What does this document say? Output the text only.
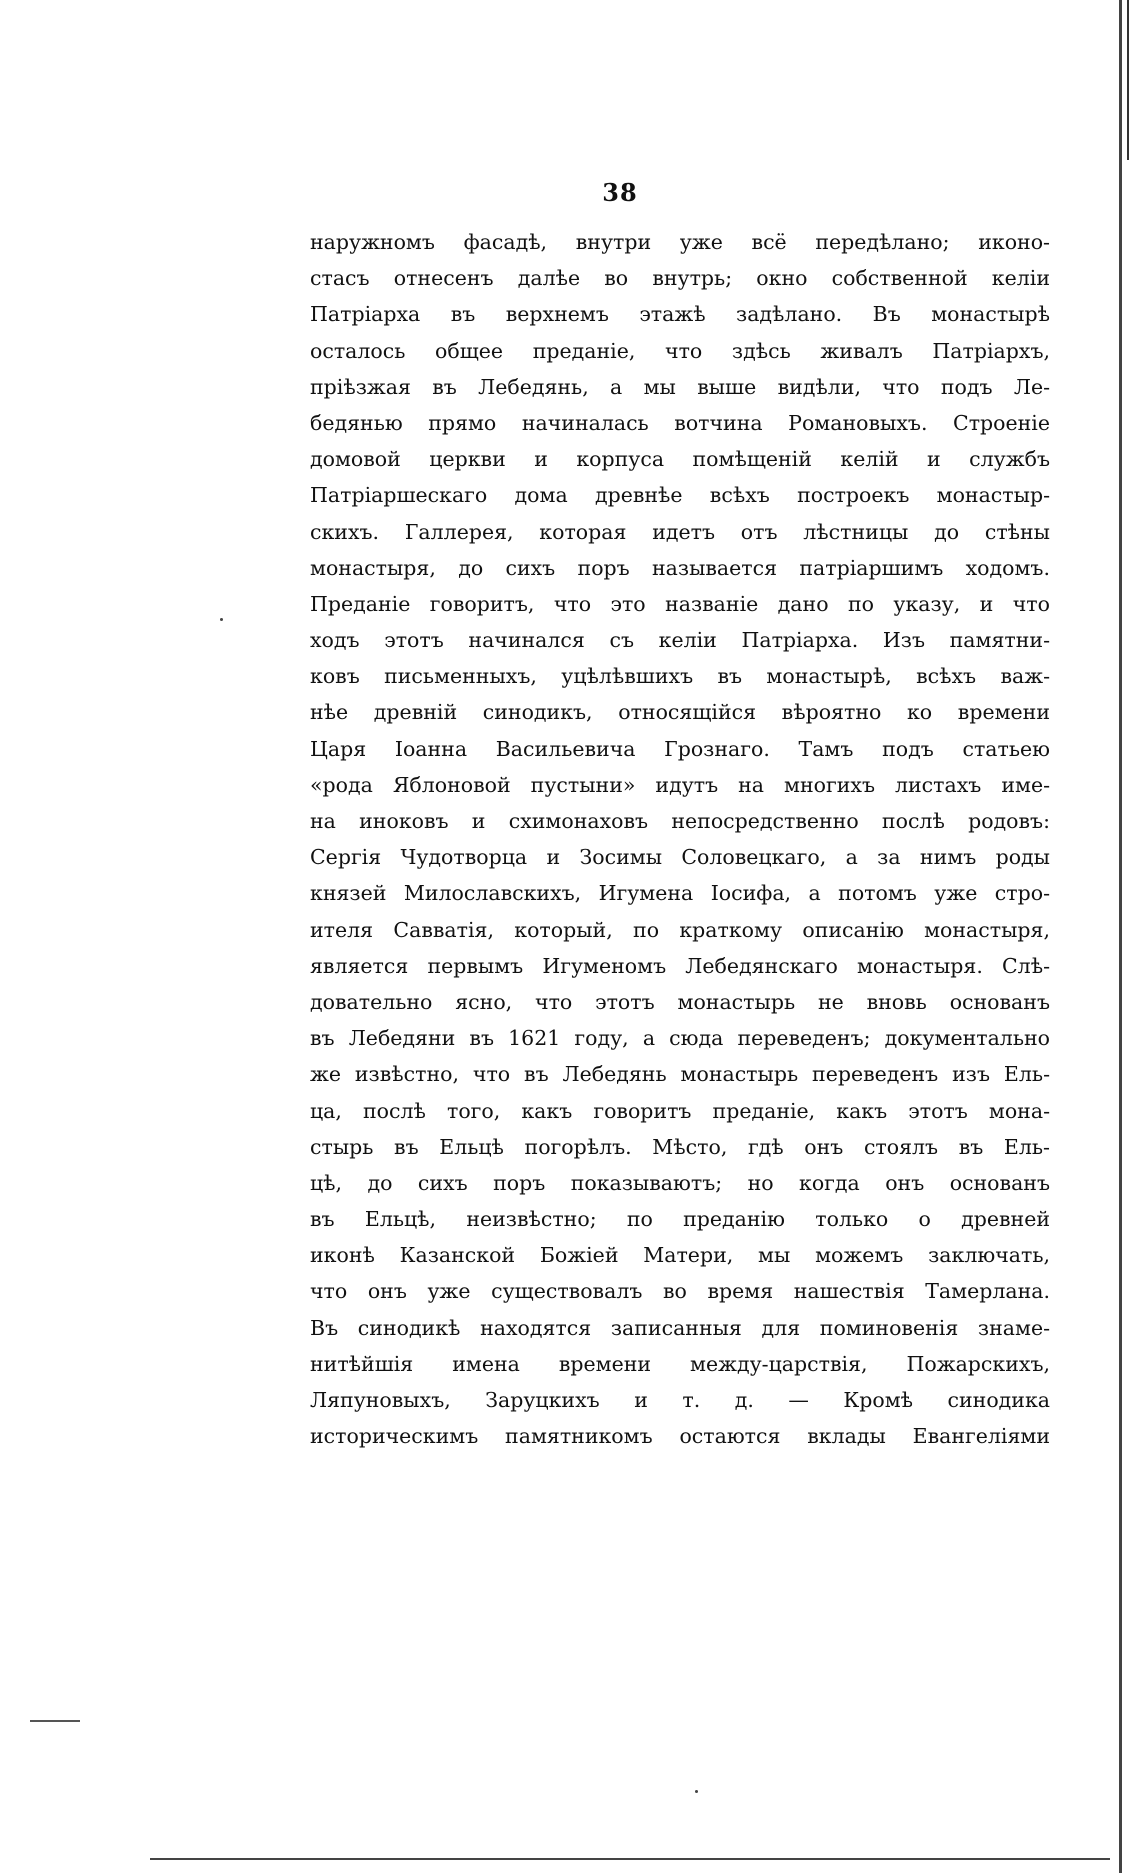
38
наружномъ фасадѣ, внутри уже всё передѣлано; иконо-
стасъ отнесенъ далѣе во внутрь; окно собственной келіи
Патріарха въ верхнемъ этажѣ задѣлано. Въ монастырѣ
осталось общее преданіе, что здѣсь живалъ Патріархъ,
пріѣзжая въ Лебедянь, а мы выше видѣли, что подъ Ле-
бедянью прямо начиналась вотчина Романовыхъ. Строеніе
домовой церкви и корпуса помѣщеній келій и службъ
Патріаршескаго дома древнѣе всѣхъ построекъ монастыр-
скихъ. Галлерея, которая идетъ отъ лѣстницы до стѣны
монастыря, до сихъ поръ называется патріаршимъ ходомъ.
Преданіе говоритъ, что это названіе дано по указу, и что
ходъ этотъ начинался съ келіи Патріарха. Изъ памятни-
ковъ письменныхъ, уцѣлѣвшихъ въ монастырѣ, всѣхъ важ-
нѣе древній синодикъ, относящійся вѣроятно ко времени
Царя Іоанна Васильевича Грознаго. Тамъ подъ статьею
«рода Яблоновой пустыни» идутъ на многихъ листахъ име-
на иноковъ и схимонаховъ непосредственно послѣ родовъ:
Сергія Чудотворца и Зосимы Соловецкаго, а за нимъ роды
князей Милославскихъ, Игумена Іосифа, а потомъ уже стро-
ителя Савватія, который, по краткому описанію монастыря,
является первымъ Игуменомъ Лебедянскаго монастыря. Слѣ-
довательно ясно, что этотъ монастырь не вновь основанъ
въ Лебедяни въ 1621 году, а сюда переведенъ; документально
же извѣстно, что въ Лебедянь монастырь переведенъ изъ Ель-
ца, послѣ того, какъ говоритъ преданіе, какъ этотъ мона-
стырь въ Ельцѣ погорѣлъ. Мѣсто, гдѣ онъ стоялъ въ Ель-
цѣ, до сихъ поръ показываютъ; но когда онъ основанъ
въ Ельцѣ, неизвѣстно; по преданію только о древней
иконѣ Казанской Божіей Матери, мы можемъ заключать,
что онъ уже существовалъ во время нашествія Тамерлана.
Въ синодикѣ находятся записанныя для поминовенія знаме-
нитѣйшія имена времени между-царствія, Пожарскихъ,
Ляпуновыхъ, Заруцкихъ и т. д. — Кромѣ синодика
историческимъ памятникомъ остаются вклады Евангеліями
